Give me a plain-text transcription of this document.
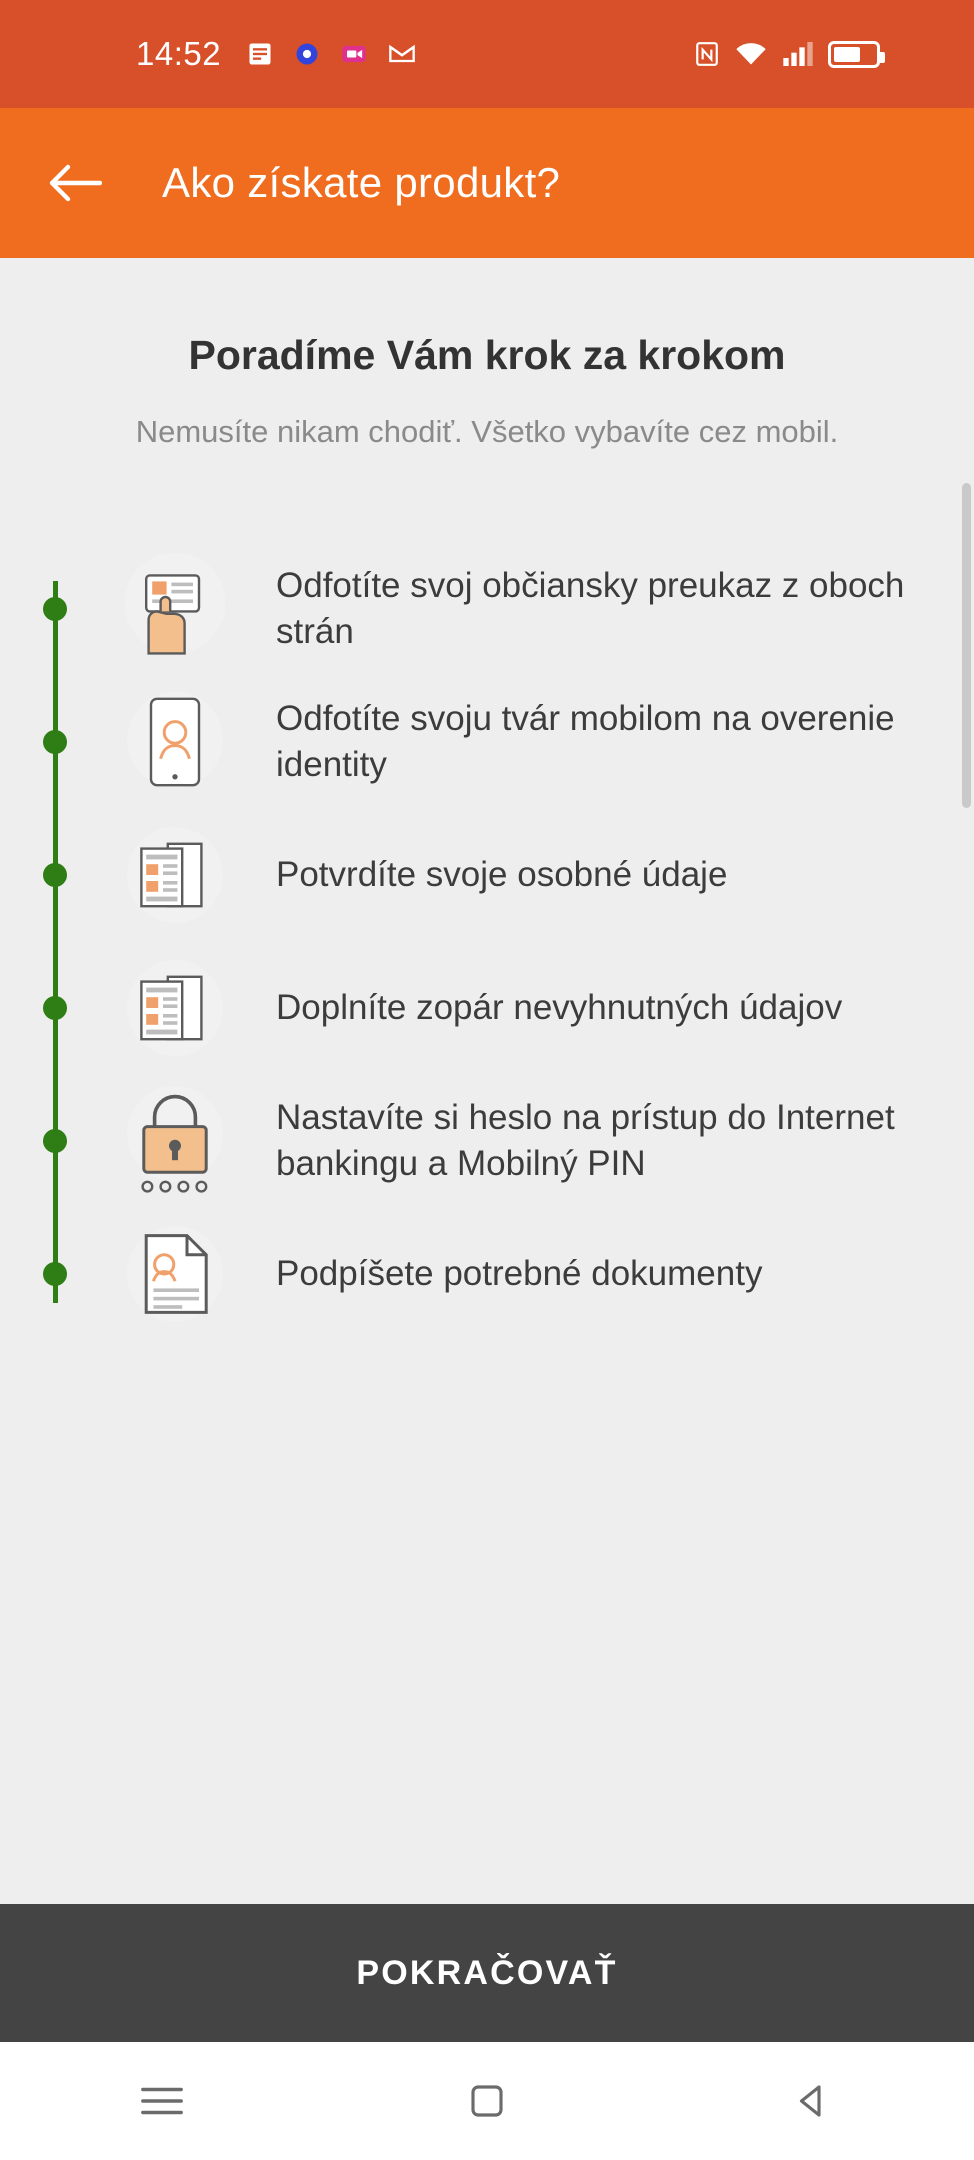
14:52
Ako získate produkt?
Poradíme Vám krok za krokom
Nemusíte nikam chodiť. Všetko vybavíte cez mobil.
Odfotíte svoj občiansky preukaz z oboch strán
Odfotíte svoju tvár mobilom na overenie identity
Potvrdíte svoje osobné údaje
Doplníte zopár nevyhnutných údajov
Nastavíte si heslo na prístup do Internet bankingu a Mobilný PIN
Podpíšete potrebné dokumenty
POKRAČOVAŤ
